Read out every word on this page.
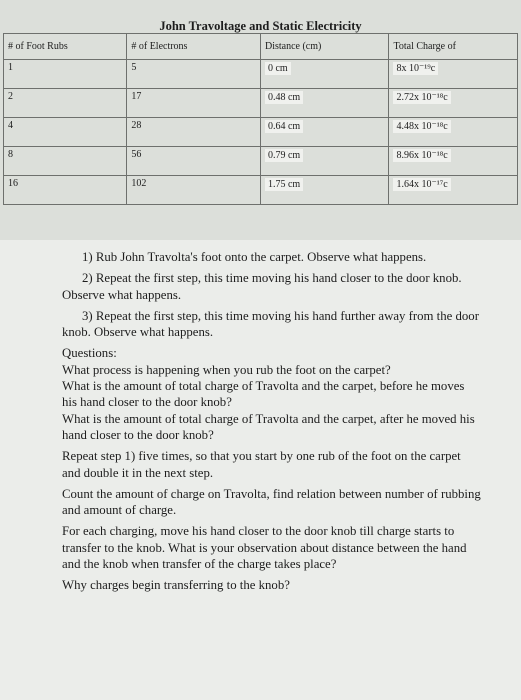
John Travoltage and Static Electricity
# of Foot Rubs	# of Electrons	Distance (cm)	Total Charge of
1	5	0 cm	8x 10⁻¹⁹c
2	17	0.48 cm	2.72x 10⁻¹⁸c
4	28	0.64 cm	4.48x 10⁻¹⁸c
8	56	0.79 cm	8.96x 10⁻¹⁸c
16	102	1.75 cm	1.64x 10⁻¹⁷c

1) Rub John Travolta's foot onto the carpet. Observe what happens.

2) Repeat the first step, this time moving his hand closer to the door knob. Observe what happens.

3) Repeat the first step, this time moving his hand further away from the door knob. Observe what happens.

Questions:

What process is happening when you rub the foot on the carpet?

What is the amount of total charge of Travolta and the carpet, before he moves his hand closer to the door knob?

What is the amount of total charge of Travolta and the carpet, after he moved his hand closer to the door knob?

Repeat step 1) five times, so that you start by one rub of the foot on the carpet and double it in the next step.

Count the amount of charge on Travolta, find relation between number of rubbing and amount of charge.

For each charging, move his hand closer to the door knob till charge starts to transfer to the knob. What is your observation about distance between the hand and the knob when transfer of the charge takes place?

Why charges begin transferring to the knob?
